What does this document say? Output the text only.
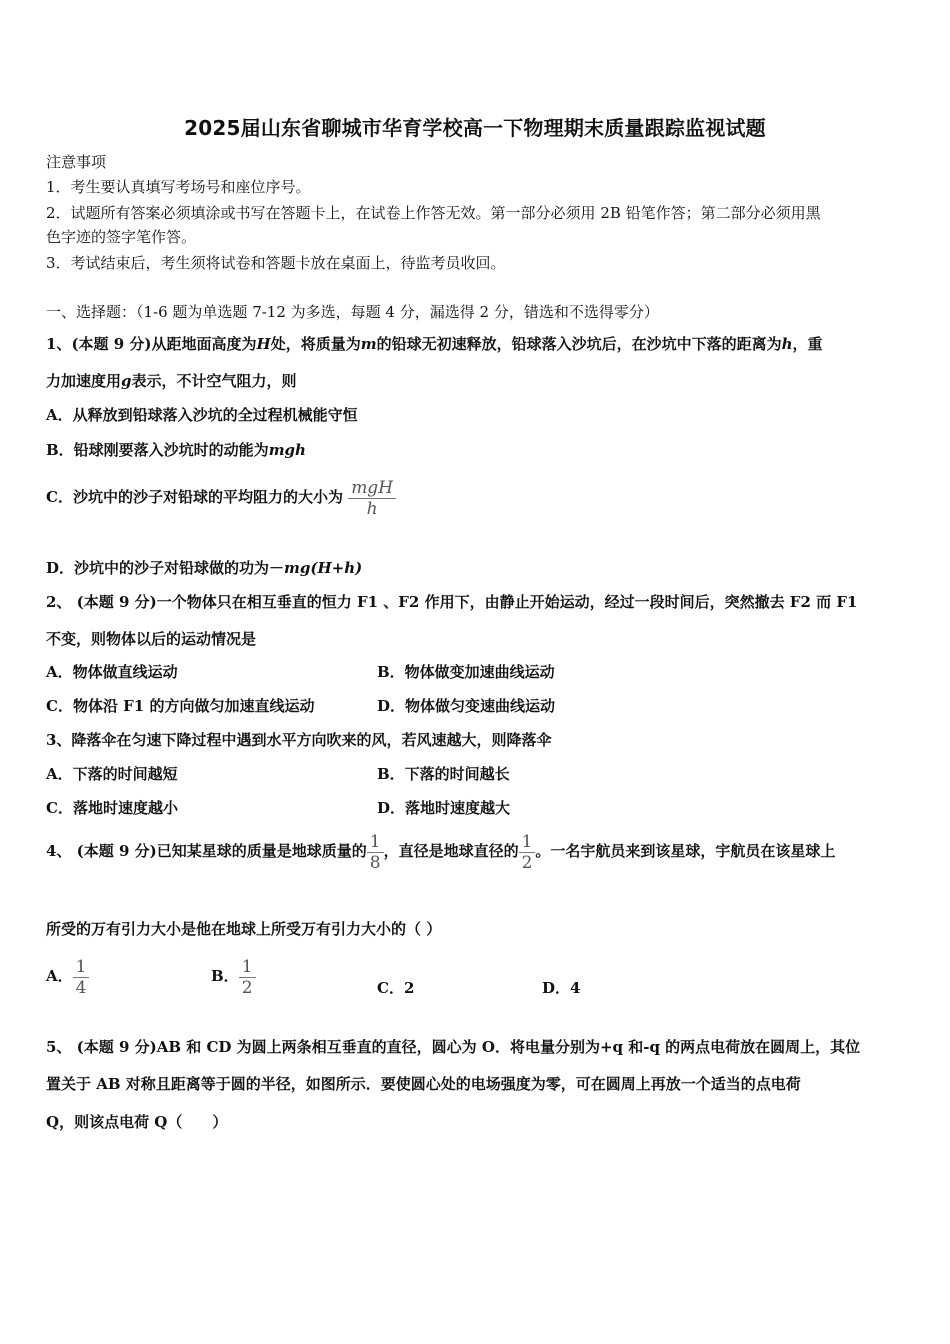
2025届山东省聊城市华育学校高一下物理期末质量跟踪监视试题
注意事项
1．考生要认真填写考场号和座位序号。
2．试题所有答案必须填涂或书写在答题卡上，在试卷上作答无效。第一部分必须用 2B 铅笔作答；第二部分必须用黑
色字迹的签字笔作答。
3．考试结束后，考生须将试卷和答题卡放在桌面上，待监考员收回。
一、选择题：（1-6 题为单选题 7-12 为多选，每题 4 分，漏选得 2 分，错选和不选得零分）
1、(本题 9 分)从距地面高度为H处，将质量为m的铅球无初速释放，铅球落入沙坑后，在沙坑中下落的距离为h，重
力加速度用g表示，不计空气阻力，则
A．从释放到铅球落入沙坑的全过程机械能守恒
B．铅球刚要落入沙坑时的动能为mgh
C．沙坑中的沙子对铅球的平均阻力的大小为 $\frac{\text{mgH}}{h}$
D．沙坑中的沙子对铅球做的功为－mg(H+h)
2、 (本题 9 分)一个物体只在相互垂直的恒力 F1 、F2 作用下，由静止开始运动，经过一段时间后，突然撤去 F2 而 F1
不变，则物体以后的运动情况是
A．物体做直线运动	B．物体做变加速曲线运动
C．物体沿 F1 的方向做匀加速直线运动	D．物体做匀变速曲线运动
3、降落伞在匀速下降过程中遇到水平方向吹来的风，若风速越大，则降落伞
A．下落的时间越短	B．下落的时间越长
C．落地时速度越小	D．落地时速度越大
4、 (本题 9 分)已知某星球的质量是地球质量的 $\frac{1}{8}$ ，直径是地球直径的 $\frac{1}{2}$ 。一名宇航员来到该星球，宇航员在该星球上
所受的万有引力大小是他在地球上所受万有引力大小的（ ）
A． $\frac{1}{4}$	B． $\frac{1}{2}$	C．2	D．4
5、 (本题 9 分)AB 和 CD 为圆上两条相互垂直的直径，圆心为 O．将电量分别为+q 和-q 的两点电荷放在圆周上，其位
置关于 AB 对称且距离等于圆的半径，如图所示．要使圆心处的电场强度为零，可在圆周上再放一个适当的点电荷
Q，则该点电荷 Q（　　）
